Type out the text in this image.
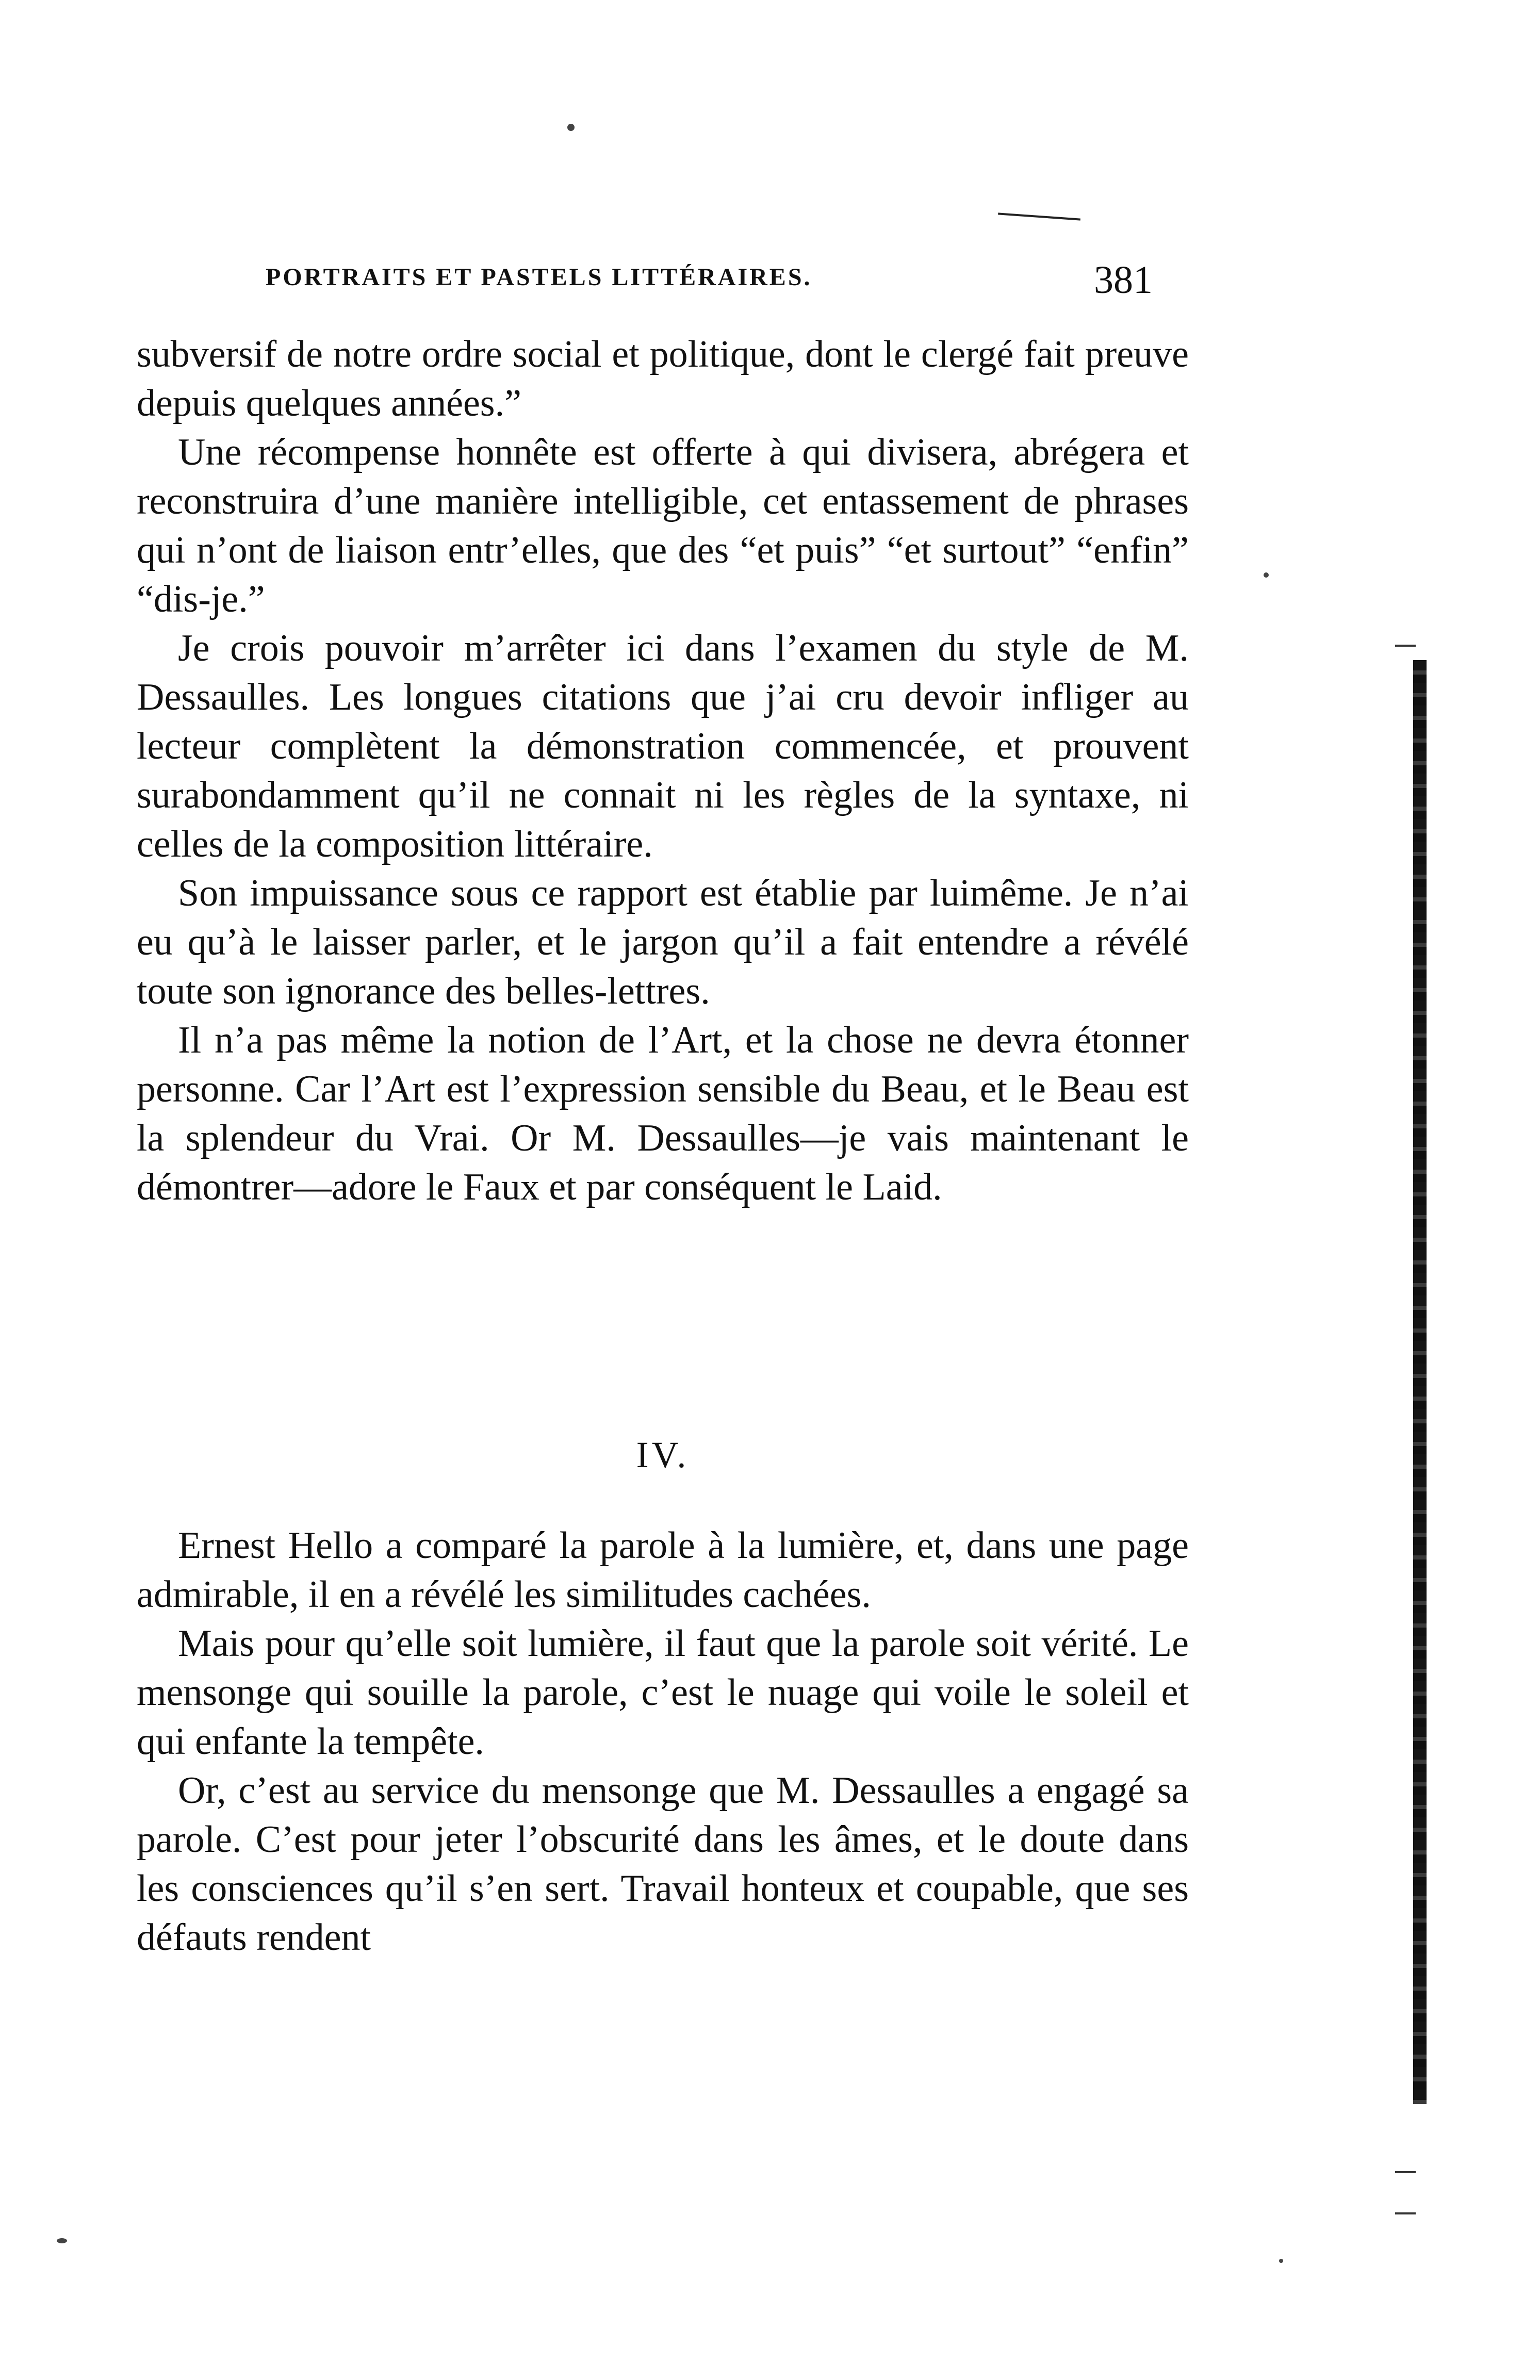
PORTRAITS ET PASTELS LITTÉRAIRES.	381

subversif de notre ordre social et politique, dont le clergé fait preuve depuis quelques années.”

Une récompense honnête est offerte à qui divisera, abrégera et reconstruira d’une manière intelligible, cet entassement de phrases qui n’ont de liaison entr’elles, que des “et puis” “et surtout” “enfin” “dis-je.”

Je crois pouvoir m’arrêter ici dans l’examen du style de M. Dessaulles. Les longues citations que j’ai cru devoir infliger au lecteur complètent la démonstration commencée, et prouvent surabondamment qu’il ne connait ni les règles de la syntaxe, ni celles de la composition littéraire.

Son impuissance sous ce rapport est établie par luimême. Je n’ai eu qu’à le laisser parler, et le jargon qu’il a fait entendre a révélé toute son ignorance des belles-lettres.

Il n’a pas même la notion de l’Art, et la chose ne devra étonner personne. Car l’Art est l’expression sensible du Beau, et le Beau est la splendeur du Vrai. Or M. Dessaulles—je vais maintenant le démontrer—adore le Faux et par conséquent le Laid.

IV.

Ernest Hello a comparé la parole à la lumière, et, dans une page admirable, il en a révélé les similitudes cachées.

Mais pour qu’elle soit lumière, il faut que la parole soit vérité. Le mensonge qui souille la parole, c’est le nuage qui voile le soleil et qui enfante la tempête.

Or, c’est au service du mensonge que M. Dessaulles a engagé sa parole. C’est pour jeter l’obscurité dans les âmes, et le doute dans les consciences qu’il s’en sert. Travail honteux et coupable, que ses défauts rendent
